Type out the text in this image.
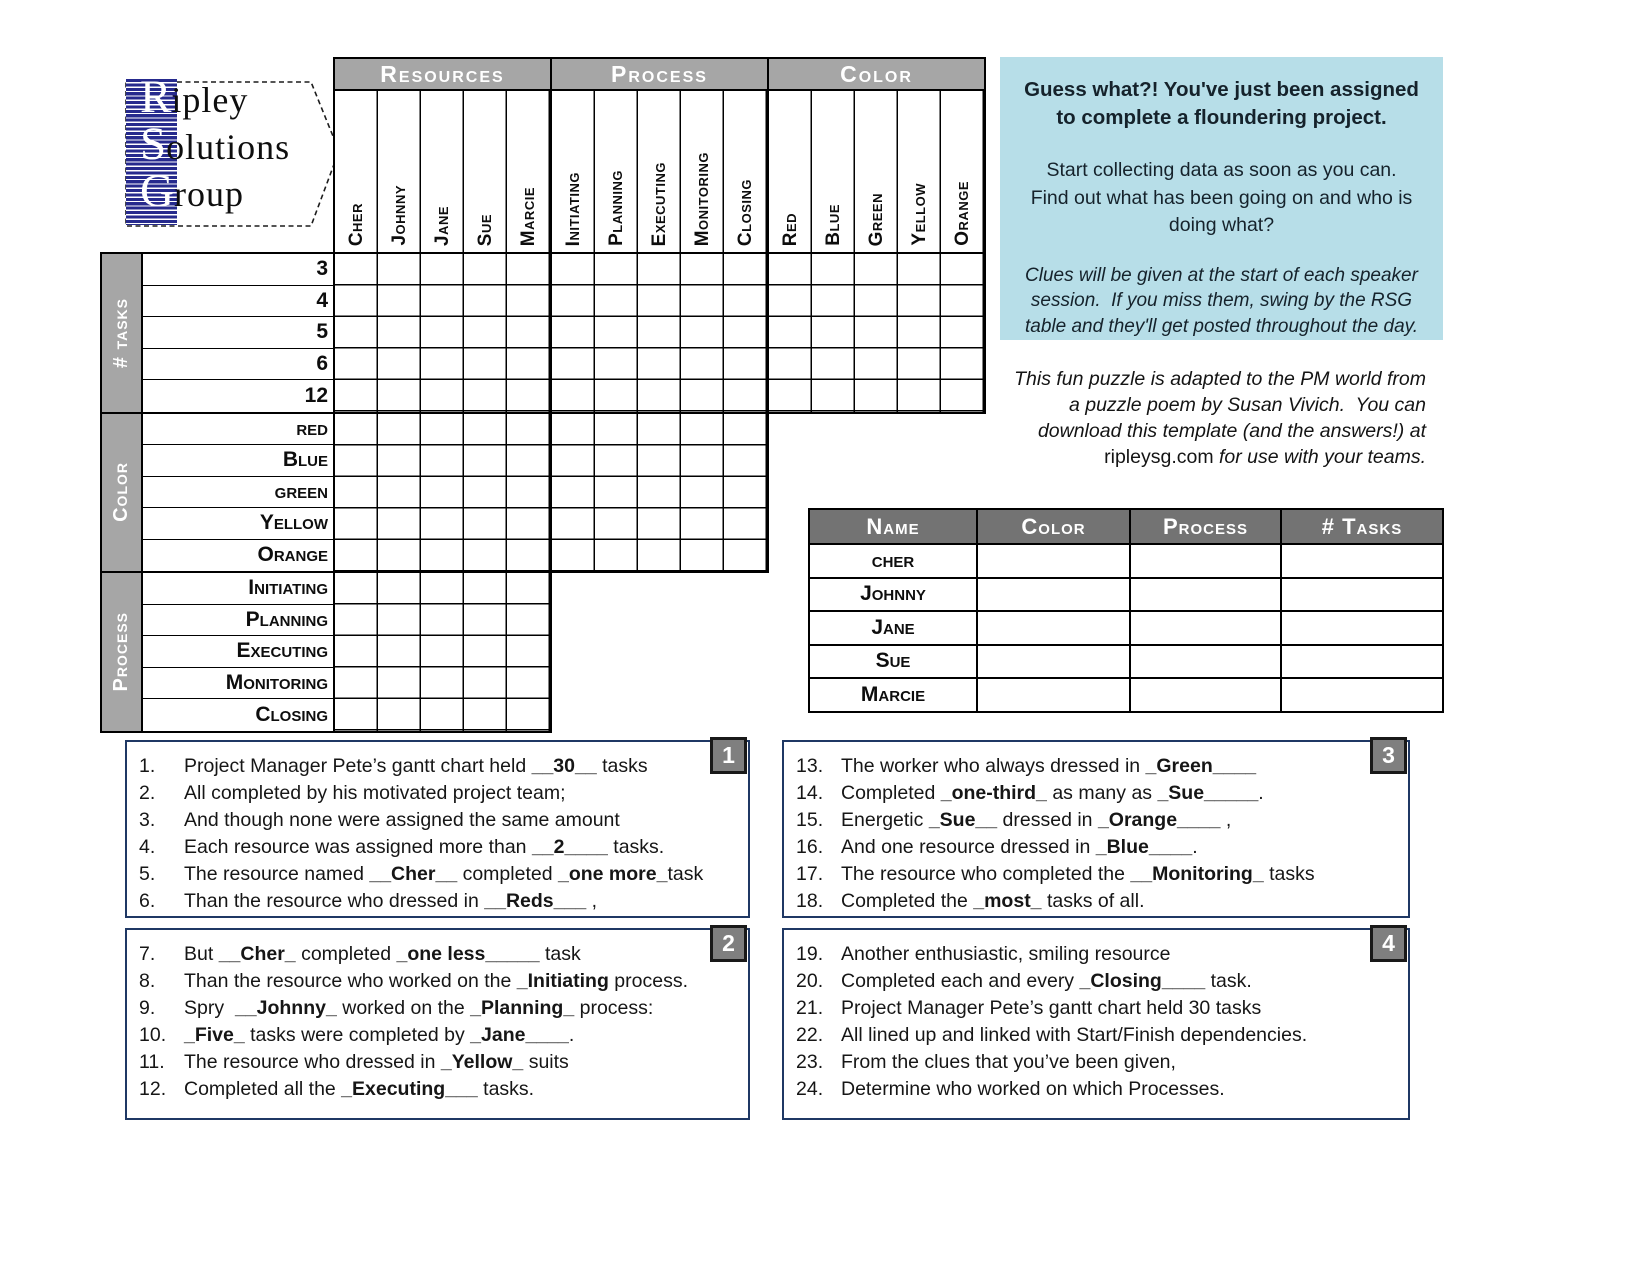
R ipley
S olutions
G roup
Resources	Process	Color
Cher Johnny Jane Sue Marcie Initiating Planning Executing Monitoring Closing Red Blue Green Yellow Orange
# tasks
3
4
5
6
12
Color
red
Blue
green
Yellow
Orange
Process
Initiating
Planning
Executing
Monitoring
Closing
Guess what?! You've just been assigned to complete a floundering project.
Start collecting data as soon as you can.  Find out what has been going on and who is doing what?
Clues will be given at the start of each speaker session.  If you miss them, swing by the RSG table and they'll get posted throughout the day.
This fun puzzle is adapted to the PM world from a puzzle poem by Susan Vivich.  You can download this template (and the answers!) at ripleysg.com for use with your teams.
Name	Color	Process	# Tasks
cher
Johnny
Jane
Sue
Marcie
1
1.	Project Manager Pete’s gantt chart held __30__ tasks
2.	All completed by his motivated project team;
3.	And though none were assigned the same amount
4.	Each resource was assigned more than __2____ tasks.
5.	The resource named __Cher__ completed _one more_task
6.	Than the resource who dressed in __Reds___ ,
2
7.	But __Cher_ completed _one less_____ task
8.	Than the resource who worked on the _Initiating process.
9.	Spry  __Johnny_ worked on the _Planning_ process:
10. _Five_ tasks were completed by _Jane____.
11. The resource who dressed in _Yellow_ suits
12. Completed all the _Executing___ tasks.
3
13. The worker who always dressed in _Green____
14. Completed _one-third_ as many as _Sue_____.
15. Energetic _Sue__ dressed in _Orange____ ,
16. And one resource dressed in _Blue____.
17. The resource who completed the __Monitoring_ tasks
18. Completed the _most_ tasks of all.
4
19. Another enthusiastic, smiling resource
20. Completed each and every _Closing____ task.
21. Project Manager Pete’s gantt chart held 30 tasks
22. All lined up and linked with Start/Finish dependencies.
23. From the clues that you’ve been given,
24. Determine who worked on which Processes.
